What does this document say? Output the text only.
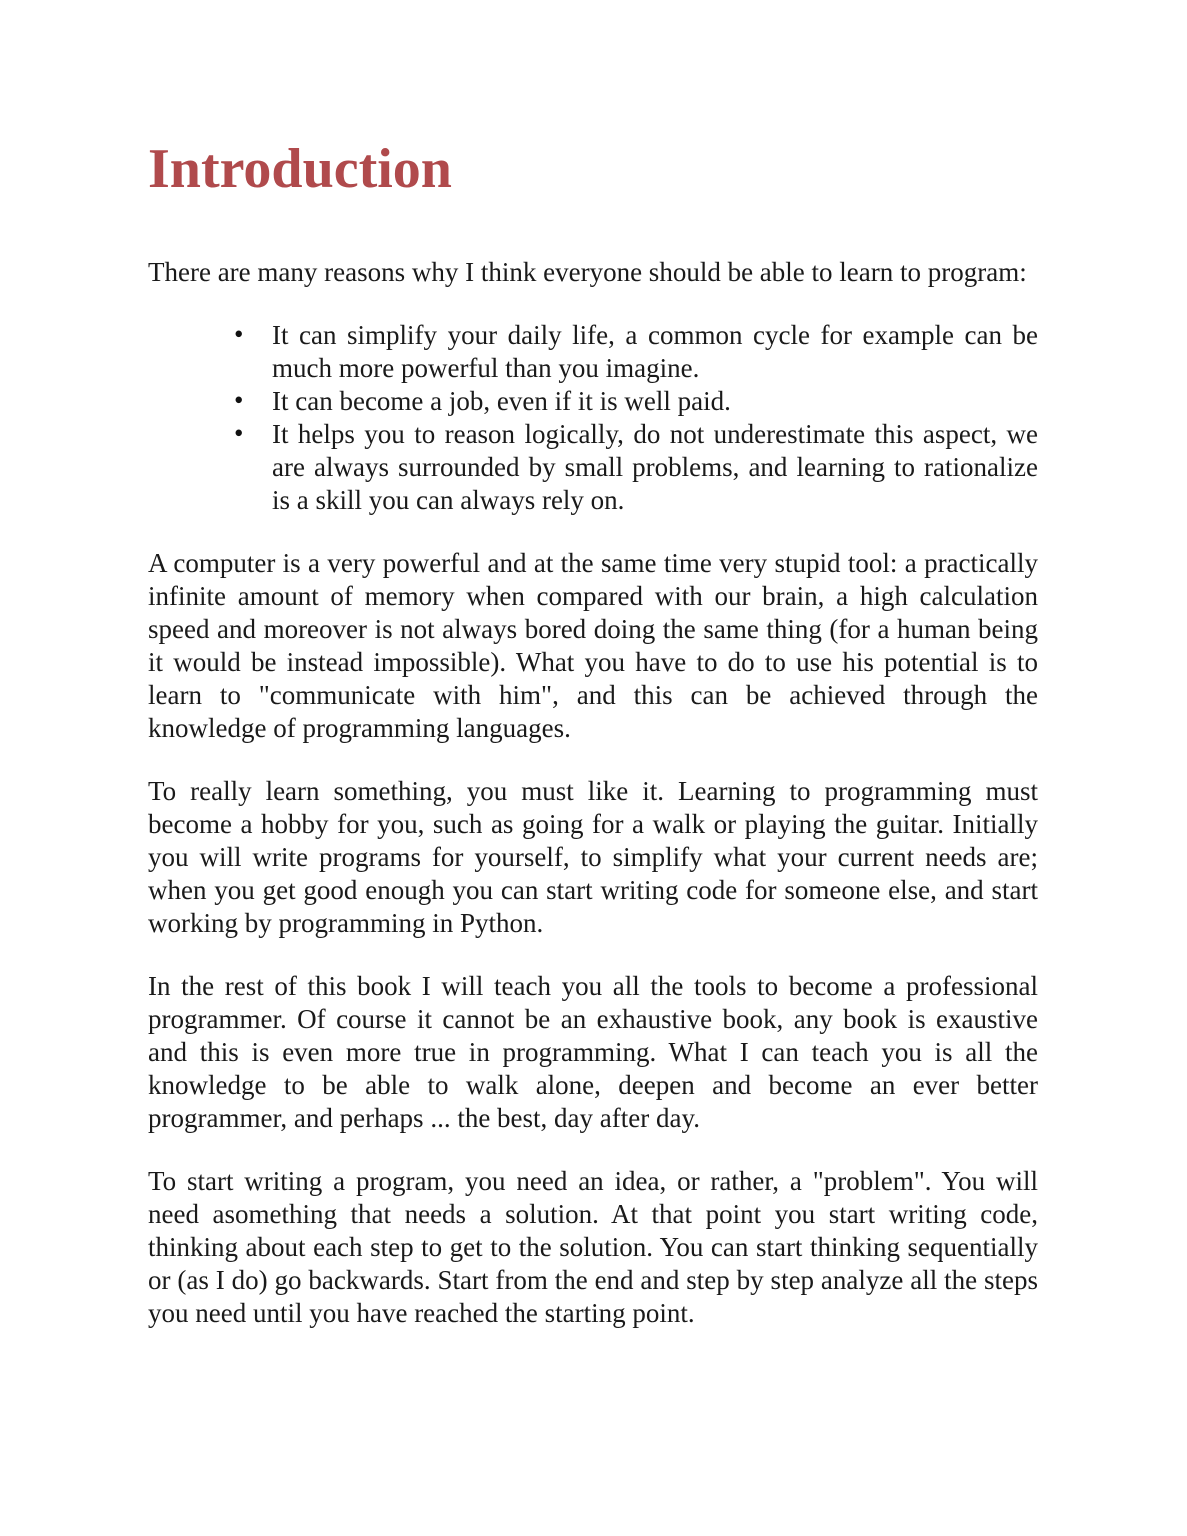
Introduction

There are many reasons why I think everyone should be able to learn to program:

• It can simplify your daily life, a common cycle for example can be much more powerful than you imagine.
• It can become a job, even if it is well paid.
• It helps you to reason logically, do not underestimate this aspect, we are always surrounded by small problems, and learning to rationalize is a skill you can always rely on.

A computer is a very powerful and at the same time very stupid tool: a practically infinite amount of memory when compared with our brain, a high calculation speed and moreover is not always bored doing the same thing (for a human being it would be instead impossible). What you have to do to use his potential is to learn to "communicate with him", and this can be achieved through the knowledge of programming languages.

To really learn something, you must like it. Learning to programming must become a hobby for you, such as going for a walk or playing the guitar. Initially you will write programs for yourself, to simplify what your current needs are; when you get good enough you can start writing code for someone else, and start working by programming in Python.

In the rest of this book I will teach you all the tools to become a professional programmer. Of course it cannot be an exhaustive book, any book is exaustive and this is even more true in programming. What I can teach you is all the knowledge to be able to walk alone, deepen and become an ever better programmer, and perhaps ... the best, day after day.

To start writing a program, you need an idea, or rather, a "problem". You will need asomething that needs a solution. At that point you start writing code, thinking about each step to get to the solution. You can start thinking sequentially or (as I do) go backwards. Start from the end and step by step analyze all the steps you need until you have reached the starting point.
